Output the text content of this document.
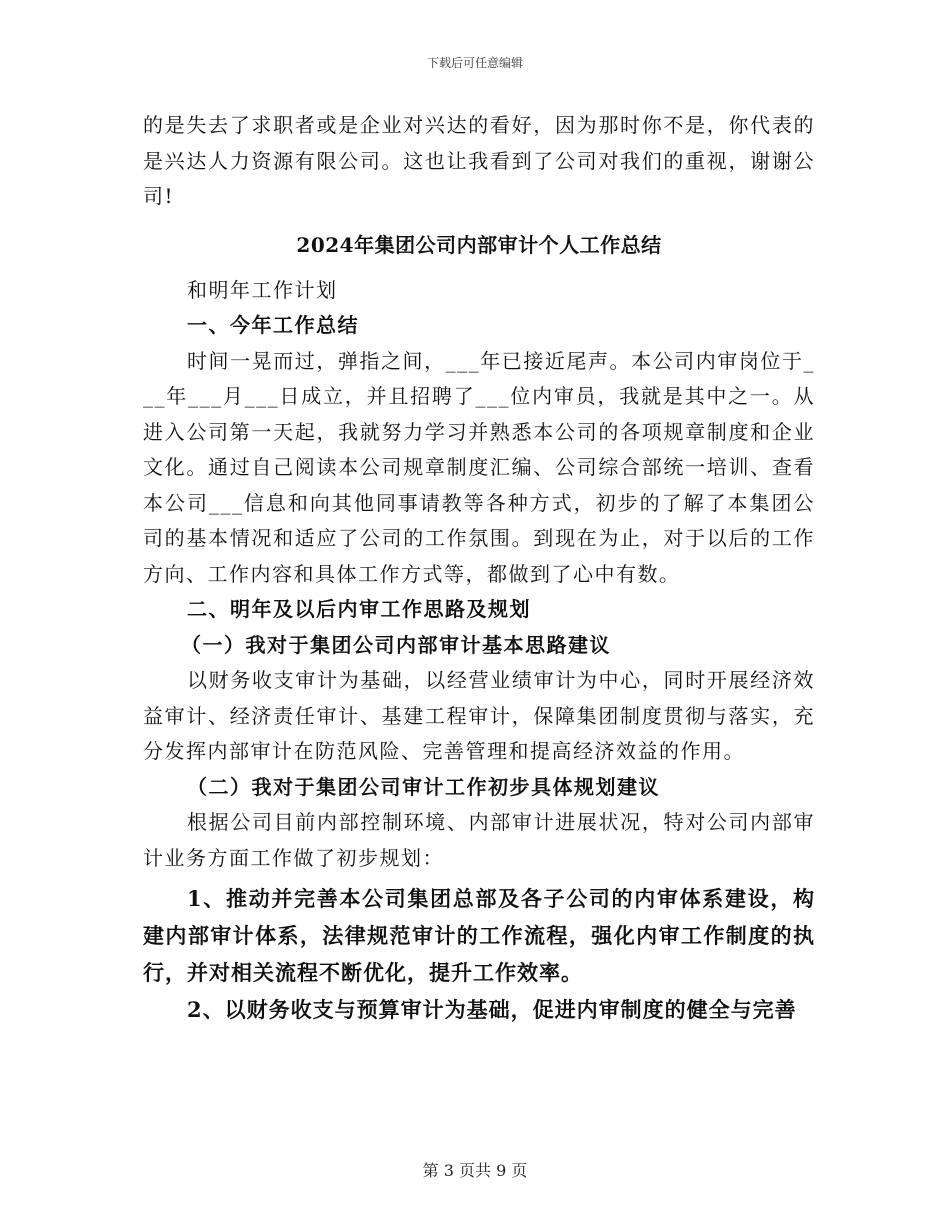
下载后可任意编辑

的是失去了求职者或是企业对兴达的看好，因为那时你不是，你代表的是兴达人力资源有限公司。这也让我看到了公司对我们的重视，谢谢公司!

2024年集团公司内部审计个人工作总结

和明年工作计划

一、今年工作总结

时间一晃而过，弹指之间，___年已接近尾声。本公司内审岗位于___年___月___日成立，并且招聘了___位内审员，我就是其中之一。从进入公司第一天起，我就努力学习并熟悉本公司的各项规章制度和企业文化。通过自己阅读本公司规章制度汇编、公司综合部统一培训、查看本公司___信息和向其他同事请教等各种方式，初步的了解了本集团公司的基本情况和适应了公司的工作氛围。到现在为止，对于以后的工作方向、工作内容和具体工作方式等，都做到了心中有数。

二、明年及以后内审工作思路及规划

（一）我对于集团公司内部审计基本思路建议

以财务收支审计为基础，以经营业绩审计为中心，同时开展经济效益审计、经济责任审计、基建工程审计，保障集团制度贯彻与落实，充分发挥内部审计在防范风险、完善管理和提高经济效益的作用。

（二）我对于集团公司审计工作初步具体规划建议

根据公司目前内部控制环境、内部审计进展状况，特对公司内部审计业务方面工作做了初步规划：

1、推动并完善本公司集团总部及各子公司的内审体系建设，构建内部审计体系，法律规范审计的工作流程，强化内审工作制度的执行，并对相关流程不断优化，提升工作效率。

2、以财务收支与预算审计为基础，促进内审制度的健全与完善

第 3 页共 9 页
